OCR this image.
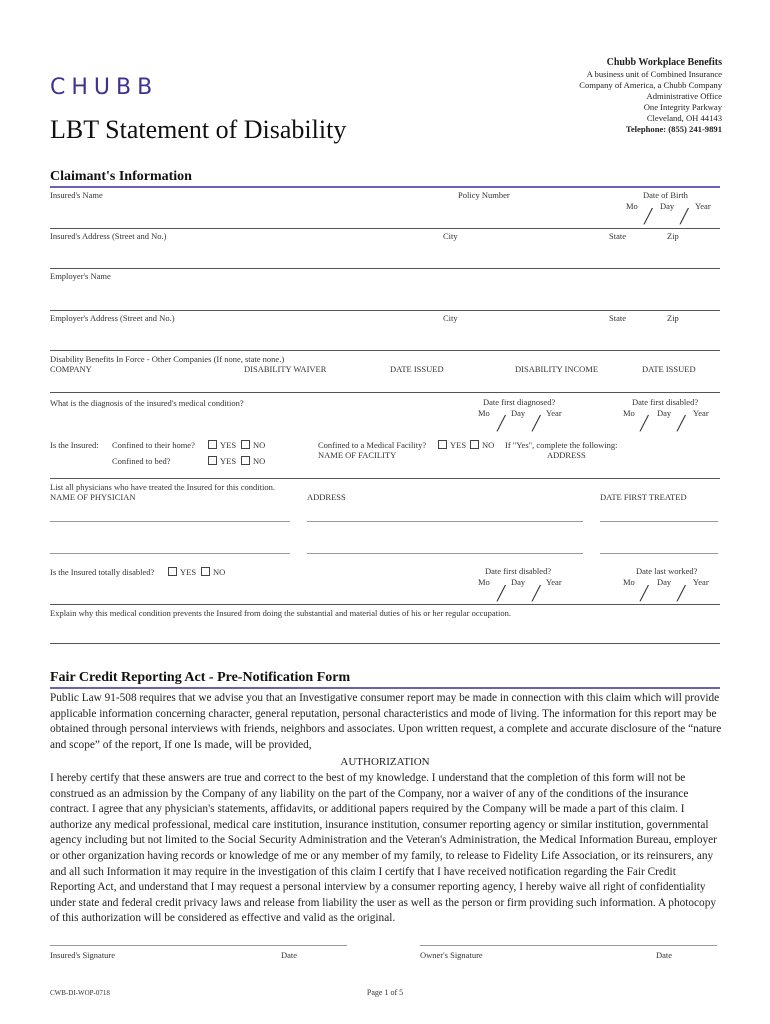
CHUBB
LBT Statement of Disability
Chubb Workplace Benefits
A business unit of Combined Insurance
Company of America, a Chubb Company
Administrative Office
One Integrity Parkway
Cleveland, OH 44143
Telephone: (855) 241-9891
Claimant's Information
Insured's Name	Policy Number	Date of Birth
Mo	Day Year
╱ ╱
Insured's Address (Street and No.)	City	State	Zip
Employer's Name
Employer's Address (Street and No.)	City	State	Zip
Disability Benefits In Force - Other Companies (If none, state none.)
COMPANY	DISABILITY WAIVER	DATE ISSUED	DISABILITY INCOME	DATE ISSUED
What is the diagnosis of the insured's medical condition?	Date first diagnosed?
Mo Day Year
╱ ╱
Date first disabled?
Mo	Day	Year
╱ ╱
Is the Insured: Confined to their home?	YES	NO
Confined to bed?	YES	NO
Confined to a Medical Facility?	YES	NO If "Yes", complete the following:
NAME OF FACILITY	ADDRESS
List all physicians who have treated the Insured for this condition.
NAME OF PHYSICIAN	ADDRESS	DATE FIRST TREATED
Is the Insured totally disabled?	YES	NO	Date first disabled?
Mo Day Year
╱ ╱
Date last worked?
Mo	Day	Year
╱ ╱
Explain why this medical condition prevents the Insured from doing the substantial and material duties of his or her regular occupation.
Fair Credit Reporting Act - Pre-Notification Form
Public Law 91-508 requires that we advise you that an Investigative consumer report may be made in connection with this claim which will provide applicable information concerning character, general reputation, personal characteristics and mode of living. The information for this report may be obtained through personal interviews with friends, neighbors and associates. Upon written request, a complete and accurate disclosure of the “nature and scope” of the report, If one Is made, will be provided,
AUTHORIZATION
I hereby certify that these answers are true and correct to the best of my knowledge. I understand that the completion of this form will not be construed as an admission by the Company of any liability on the part of the Company, nor a waiver of any of the conditions of the insurance contract. I agree that any physician's statements, affidavits, or additional papers required by the Company will be made a part of this claim. I authorize any medical professional, medical care institution, insurance institution, consumer reporting agency or similar institution, governmental agency including but not limited to the Social Security Administration and the Veteran's Administration, the Medical Information Bureau, employer or other organization having records or knowledge of me or any member of my family, to release to Fidelity Life Association, or its reinsurers, any and all such Information it may require in the investigation of this claim I certify that I have received notification regarding the Fair Credit Reporting Act, and understand that I may request a personal interview by a consumer reporting agency, I hereby waive all right of confidentiality under state and federal credit privacy laws and release from liability the user as well as the person or firm providing such information. A photocopy of this authorization will be considered as effective and valid as the original.
Insured's Signature	Date	Owner's Signature	Date
CWB-DI-WOP-0718	Page 1 of 5
